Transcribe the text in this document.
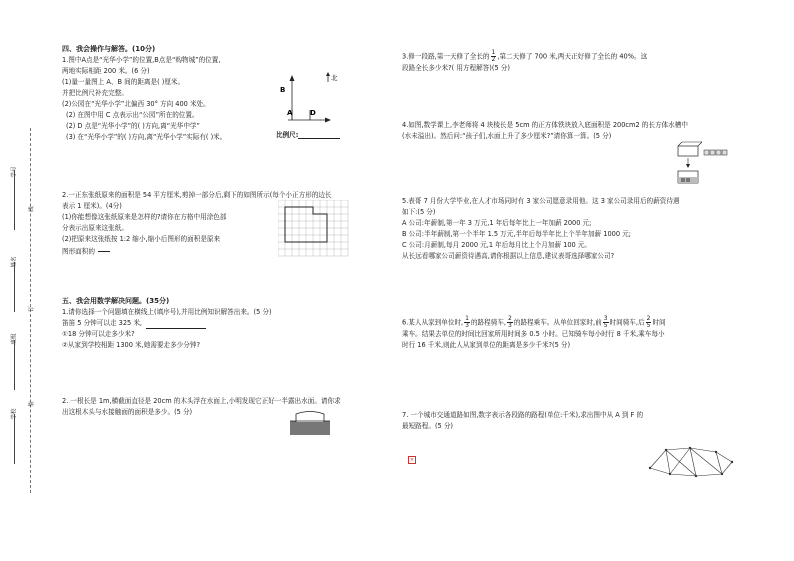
学号
姓名
班级
学校
线
订
装

四、我会操作与解答。(10分)

1.图中A点是“光华小学”的位置,B点是“购物城”的位置,

两地实际相距 200 米。(6 分)

(1)量一量图上 A、B 间的距离是( )厘米。

并把比例尺补充完整。

(2)公园在“光华小学”北偏西 30° 方向 400 米处。

(2) 在图中用 C 点表示出“公园”所在的位置。

(2) D 点是“光华小学”的( )方向,离“光华中学”

(3) 在“光华小学”的( )方向,离“光华小学”实际有( )米。

B
A	D
北
比例尺:

2.一正东张纸原来的面积是 54 平方厘米,剪掉一部分后,剩下的如图所示(每个小正方形的边长

表示 1 厘米)。(4分)

(1)你能想像这张纸原来是怎样的?请你在方格中用涂色部

分表示出原来这张纸。

(2)把原来这张纸按 1:2 缩小,缩小后图形的面积是原来

图形面积的

五、我会用数学解决问题。(35分)

1.请你选择一个问题填在横线上(填序号),并用比例知识解答出来。(5 分)

笛笛 5 分钟可以走 325 米,

①18 分钟可以走多少米?

②从家到学校相距 1300 米,她需要走多少分钟?

2. 一根长是 1m,横截面直径是 20cm 的木头浮在水面上,小明发现它正好一半露出水面。请你求

出这根木头与水接触面的面积是多少。(5 分)

3.修一段路,第一天修了全长的 $\frac{1}{2}$ ,第二天修了 700 米,两天正好修了全长的 40%。这

段路全长多少米?( 用方程解答)(5 分)

4.如图,数学课上,李老师将 4 块棱长是 5cm 的正方体铁块放入底面积是 200cm2 的长方体水槽中

(水未溢出)。然后问:“孩子们,水面上升了多少厘米?”请你算一算。(5 分)

5.表哥 7 月份大学毕业,在人才市场同时有 3 家公司愿意录用他。这 3 家公司录用后的薪资待遇

如下:(5 分)

A 公司:年薪制,第一年 3 万元,1 年后每年比上一年加薪 2000 元;

B 公司:半年薪制,第一个半年 1.5 万元,半年后每半年比上个半年加薪 1000 元;

C 公司:月薪制,每月 2000 元,1 年后每月比上个月加薪 100 元。

从长远看哪家公司薪资待遇高,请你根据以上信息,建议表哥选择哪家公司?

6.某人从家到单位时, $\frac{1}{3}$ 的路程骑车, $\frac{2}{3}$ 的路程乘车。从单位回家时,前 $\frac{3}{5}$ 时间骑车,后 $\frac{2}{5}$ 时间

乘车。结果去单位的时间比回家所用时间多 0.5 小时。已知骑车每小时行 8 千米,乘车每小

时行 16 千米,则此人从家到单位的距离是多少千米?(5 分)

7. 一个城市交通道路如图,数字表示各段路的路程(单位:千米),求出图中从 A 到 F 的

最短路程。(5 分)

×
